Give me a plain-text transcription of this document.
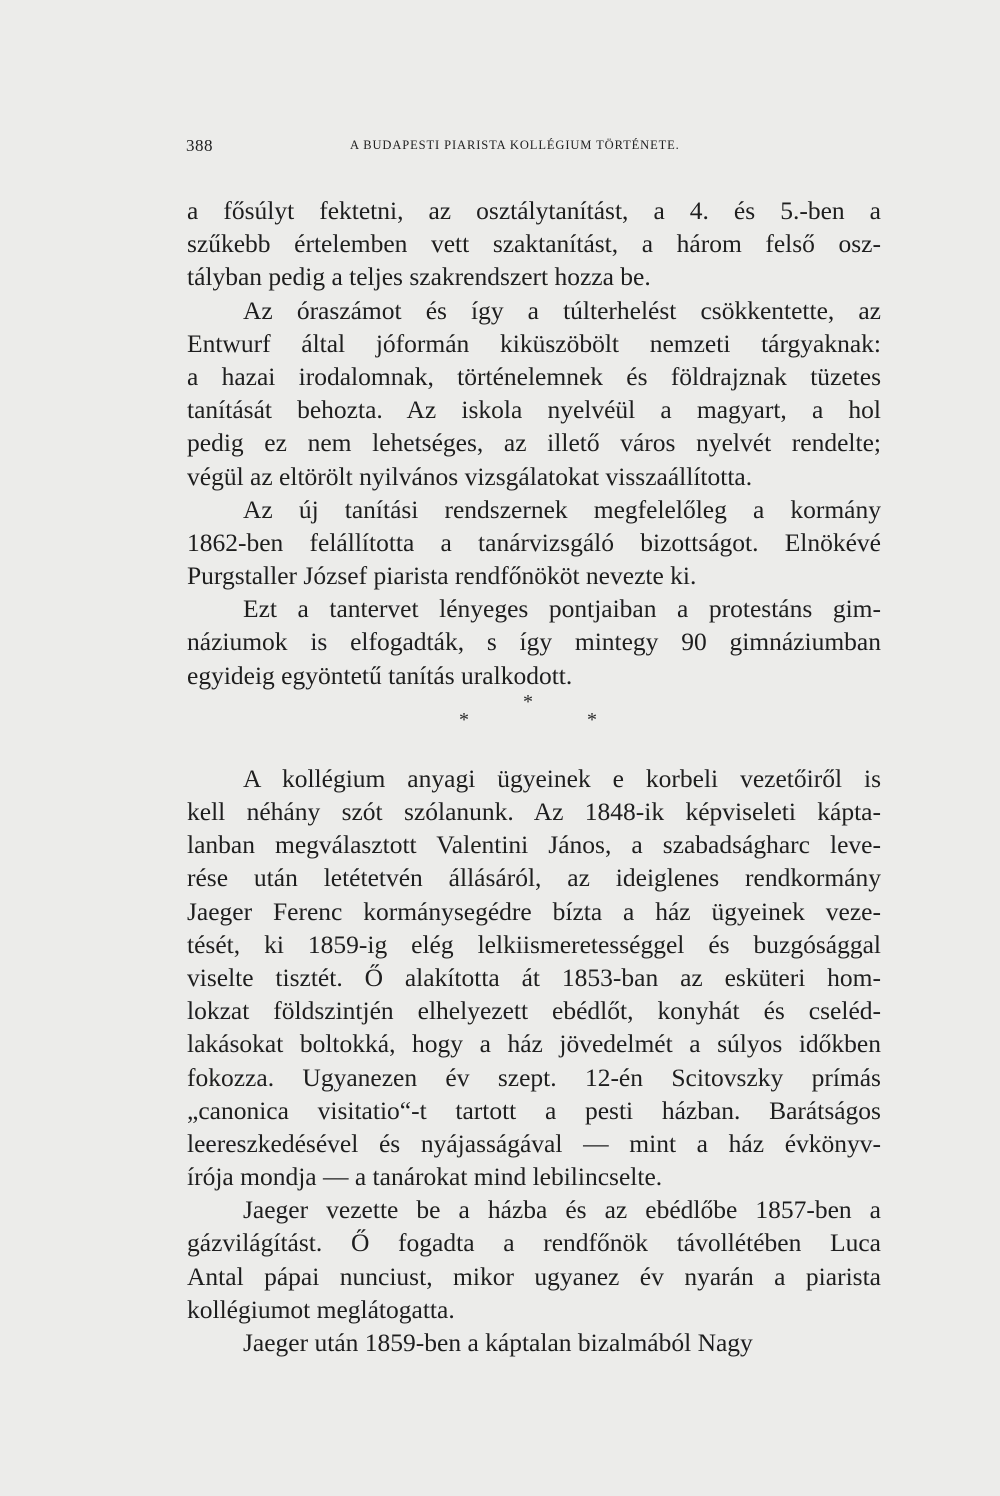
388	A BUDAPESTI PIARISTA KOLLÉGIUM TÖRTÉNETE.
a fősúlyt fektetni, az osztálytanítást, a 4. és 5.-ben a
szűkebb értelemben vett szaktanítást, a három felső osz-
tályban pedig a teljes szakrendszert hozza be.
Az óraszámot és így a túlterhelést csökkentette, az
Entwurf által jóformán kiküszöbölt nemzeti tárgyaknak:
a hazai irodalomnak, történelemnek és földrajznak tüzetes
tanítását behozta. Az iskola nyelvéül a magyart, a hol
pedig ez nem lehetséges, az illető város nyelvét rendelte;
végül az eltörölt nyilvános vizsgálatokat visszaállította.
Az új tanítási rendszernek megfelelőleg a kormány
1862-ben felállította a tanárvizsgáló bizottságot. Elnökévé
Purgstaller József piarista rendfőnököt nevezte ki.
Ezt a tantervet lényeges pontjaiban a protestáns gim-
náziumok is elfogadták, s így mintegy 90 gimnáziumban
egyideig egyöntetű tanítás uralkodott.
*
*	*
A kollégium anyagi ügyeinek e korbeli vezetőiről is
kell néhány szót szólanunk. Az 1848-ik képviseleti kápta-
lanban megválasztott Valentini János, a szabadságharc leve-
rése után letétetvén állásáról, az ideiglenes rendkormány
Jaeger Ferenc kormánysegédre bízta a ház ügyeinek veze-
tését, ki 1859-ig elég lelkiismeretességgel és buzgósággal
viselte tisztét. Ő alakította át 1853-ban az esküteri hom-
lokzat földszintjén elhelyezett ebédlőt, konyhát és cseléd-
lakásokat boltokká, hogy a ház jövedelmét a súlyos időkben
fokozza. Ugyanezen év szept. 12-én Scitovszky prímás
„canonica visitatio“-t tartott a pesti házban. Barátságos
leereszkedésével és nyájasságával — mint a ház évkönyv-
írója mondja — a tanárokat mind lebilincselte.
Jaeger vezette be a házba és az ebédlőbe 1857-ben a
gázvilágítást. Ő fogadta a rendfőnök távollétében Luca
Antal pápai nunciust, mikor ugyanez év nyarán a piarista
kollégiumot meglátogatta.
Jaeger után 1859-ben a káptalan bizalmából Nagy
